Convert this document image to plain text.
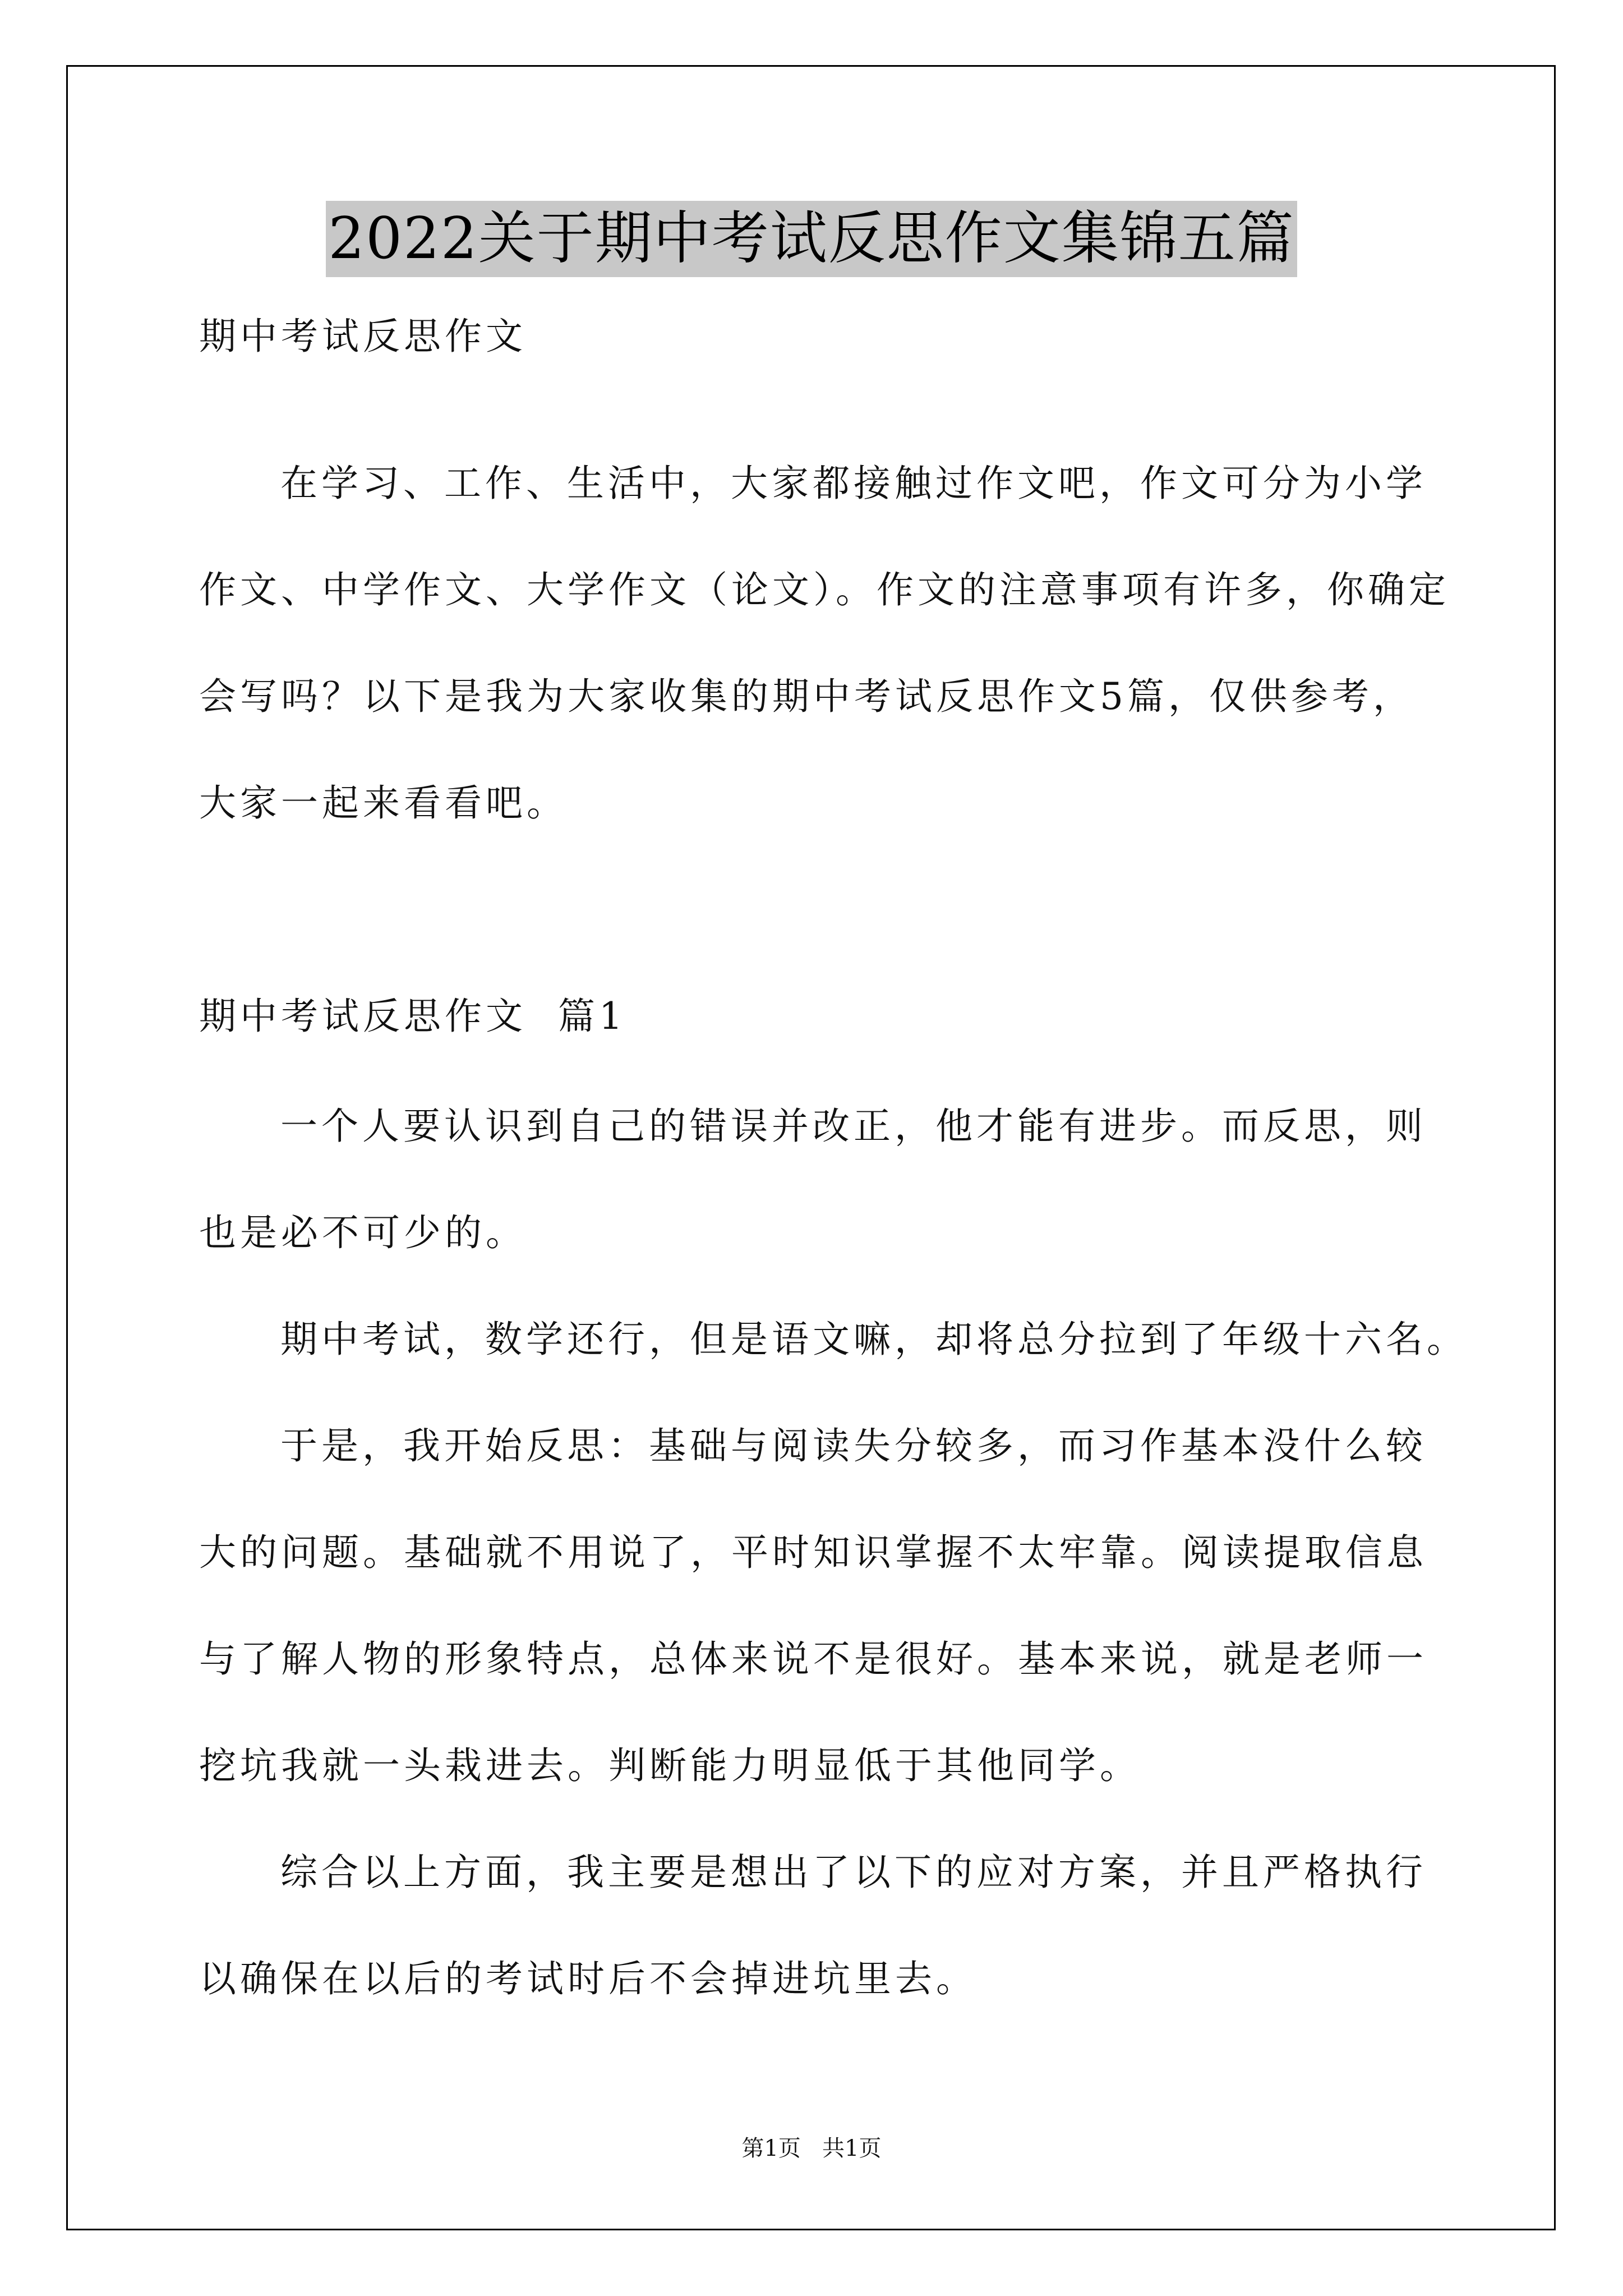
2022关于期中考试反思作文集锦五篇
期中考试反思作文
在学习、工作、生活中，大家都接触过作文吧，作文可分为小学
作文、中学作文、大学作文（论文）。作文的注意事项有许多，你确定
会写吗？以下是我为大家收集的期中考试反思作文5篇，仅供参考，
大家一起来看看吧。
期中考试反思作文  篇1
一个人要认识到自己的错误并改正，他才能有进步。而反思，则
也是必不可少的。
期中考试，数学还行，但是语文嘛，却将总分拉到了年级十六名。
于是，我开始反思：基础与阅读失分较多，而习作基本没什么较
大的问题。基础就不用说了，平时知识掌握不太牢靠。阅读提取信息
与了解人物的形象特点，总体来说不是很好。基本来说，就是老师一
挖坑我就一头栽进去。判断能力明显低于其他同学。
综合以上方面，我主要是想出了以下的应对方案，并且严格执行
以确保在以后的考试时后不会掉进坑里去。
第1页   共1页
